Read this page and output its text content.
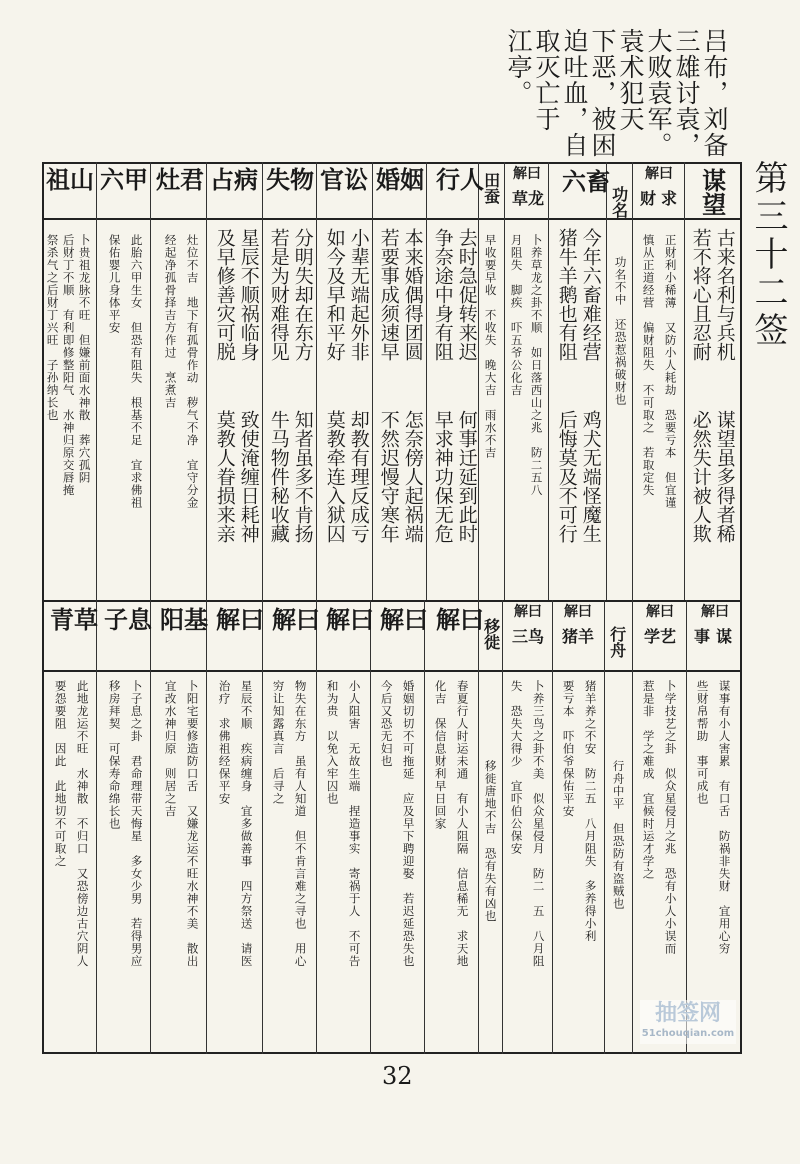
吕布，刘备
三雄讨袁，
大败袁军。
袁术犯天
下恶，被困
迫吐血，自
取灭亡于
江亭。
第三十二签
谋望
古来名利与兵机
若不将心且忍耐
谋望虽多得者稀
必然失计被人欺
解曰
求
财
正财利小稀薄　又防小人耗劫　恐要亏本　但宜谨
慎从正道经营　偏财阻失　不可取之　若取定失
功名
功名不中　还恐惹祸破财也
六畜
今年六畜难经营
猪牛羊鹅也有阻
鸡犬无端怪魔生
后悔莫及不可行
解曰
草龙
卜养草龙之卦不顺　如日落西山之兆　防二五八
月阻失　脚疾　吓五爷公化吉
田蚕
早收要早收　不收失　晚大吉　雨水不吉
行人
去时急促转来迟
争奈途中身有阻
何事迁延到此时
早求神功保无危
婚姻
本来婚偶得团圆
若要事成须速早
怎奈傍人起祸端
不然迟慢守寒年
官讼
小辈无端起外非
如今及早和平好
却教有理反成亏
莫教牵连入狱囚
失物
分明失却在东方
若是为财难得见
知者虽多不肯扬
牛马物件秘收藏
占病
星辰不顺祸临身
及早修善灾可脱
致使淹缠日耗神
莫教人眷损来亲
灶君
灶位不吉　地下有孤骨作动　秽气不净　宜守分金
经起净孤骨择吉方作过　烹煮吉
六甲
此胎六甲生女　但恐有阻失　根基不足　宜求佛祖
保佑婴儿身体平安
祖山
卜贵祖龙脉不旺　但嫌前面水神散　葬穴孤阴
后财丁不顺　有利即修整阳气　水神归原交唇掩
祭杀气之后财丁兴旺　子孙纳长也
解曰
谋
事
谋事有小人害累　有口舌　防祸非失财　宜用心穷
些财帛帮助　事可成也
解曰
学艺
卜学技艺之卦　似众星侵月之兆　恐有小人小误而
惹是非　学之难成　宜候时运才学之
行舟
行舟中平　但恐防有盗贼也
解曰
猪羊
猪羊养之不安　防二五　八月阻失　多养得小利
要亏本　吓伯爷保佑平安
解曰
三鸟
卜养三鸟之卦不美　似众星侵月　防二　五　八月阻
失　恐失大得少　宜吓伯公保安
移徙
移徙唐地不吉　恐有失有凶也
解曰
春夏行人时运未通　有小人阻隔　信息稀无　求天地
化吉　保信息财利早日回家
解曰
婚姻切切不可拖延　应及早下聘迎娶　若迟延恐失也
今后又恐无妇也
解曰
小人阻害　无故生端　捏造事实　寄祸于人　不可告
和为贵　以免入牢囚也
解曰
物失在东方　虽有人知道　但不肯言难之寻也　用心
穷让知露真言　后寻之
解曰
星辰不顺　疾病缠身　宜多做善事　四方祭送　请医
治疗　求佛祖经保平安
阳基
卜阳宅要修造防口舌　又嫌龙运不旺水神不美　散出
宜改水神归原　则居之吉
子息
卜子息之卦　君命理带天悔星　多女少男　若得男应
移房拜契　可保寿命绵长也
青草
此地龙运不旺　水神散　不归口　又恐傍边古穴阴人
要怨要阻　因此　此地切不可取之
32
抽签网
51chouqian.com
